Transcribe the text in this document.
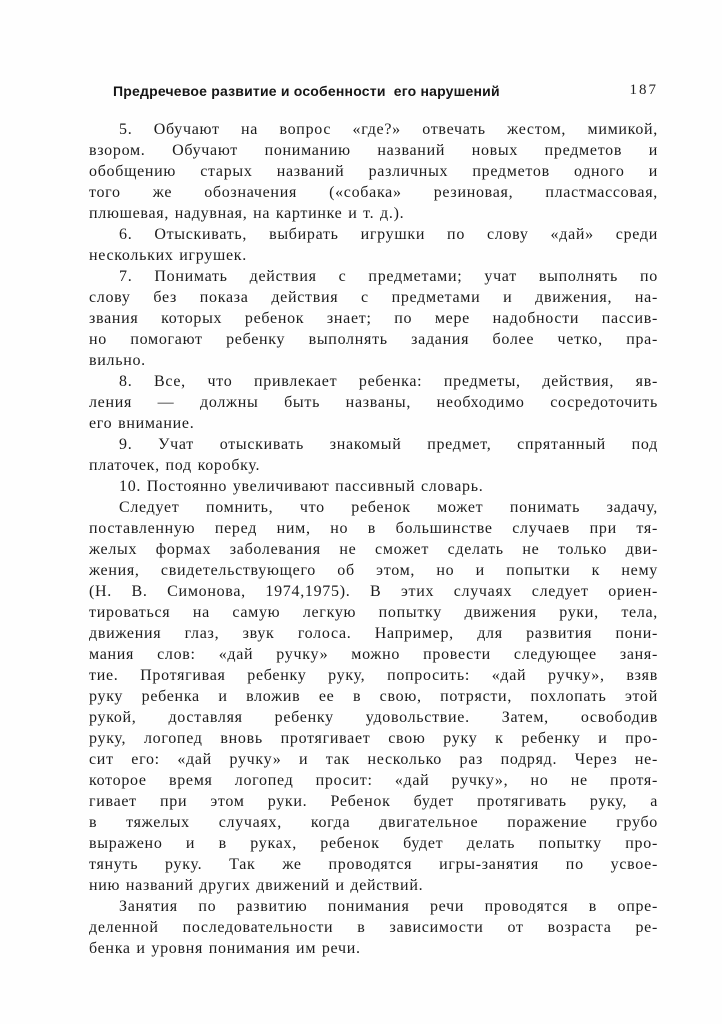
Предречевое развитие и особенности  его нарушений	187
5. Обучают на вопрос «где?» отвечать жестом, мимикой,
взором. Обучают пониманию названий новых предметов и
обобщению старых названий различных предметов одного и
того же обозначения («собака» резиновая, пластмассовая,
плюшевая, надувная, на картинке и т. д.).
6. Отыскивать, выбирать игрушки по слову «дай» среди
нескольких игрушек.
7. Понимать действия с предметами; учат выполнять по
слову без показа действия с предметами и движения, на-
звания которых ребенок знает; по мере надобности пассив-
но помогают ребенку выполнять задания более четко, пра-
вильно.
8. Все, что привлекает ребенка: предметы, действия, яв-
ления — должны быть названы, необходимо сосредоточить
его внимание.
9. Учат отыскивать знакомый предмет, спрятанный под
платочек, под коробку.
10. Постоянно увеличивают пассивный словарь.
Следует помнить, что ребенок может понимать задачу,
поставленную перед ним, но в большинстве случаев при тя-
желых формах заболевания не сможет сделать не только дви-
жения, свидетельствующего об этом, но и попытки к нему
(Н. В. Симонова, 1974,1975). В этих случаях следует ориен-
тироваться на самую легкую попытку движения руки, тела,
движения глаз, звук голоса. Например, для развития пони-
мания слов: «дай ручку» можно провести следующее заня-
тие. Протягивая ребенку руку, попросить: «дай ручку», взяв
руку ребенка и вложив ее в свою, потрясти, похлопать этой
рукой, доставляя ребенку удовольствие. Затем, освободив
руку, логопед вновь протягивает свою руку к ребенку и про-
сит его: «дай ручку» и так несколько раз подряд. Через не-
которое время логопед просит: «дай ручку», но не протя-
гивает при этом руки. Ребенок будет протягивать руку, а
в тяжелых случаях, когда двигательное поражение грубо
выражено и в руках, ребенок будет делать попытку про-
тянуть руку. Так же проводятся игры-занятия по усвое-
нию названий других движений и действий.
Занятия по развитию понимания речи проводятся в опре-
деленной последовательности в зависимости от возраста ре-
бенка и уровня понимания им речи.
